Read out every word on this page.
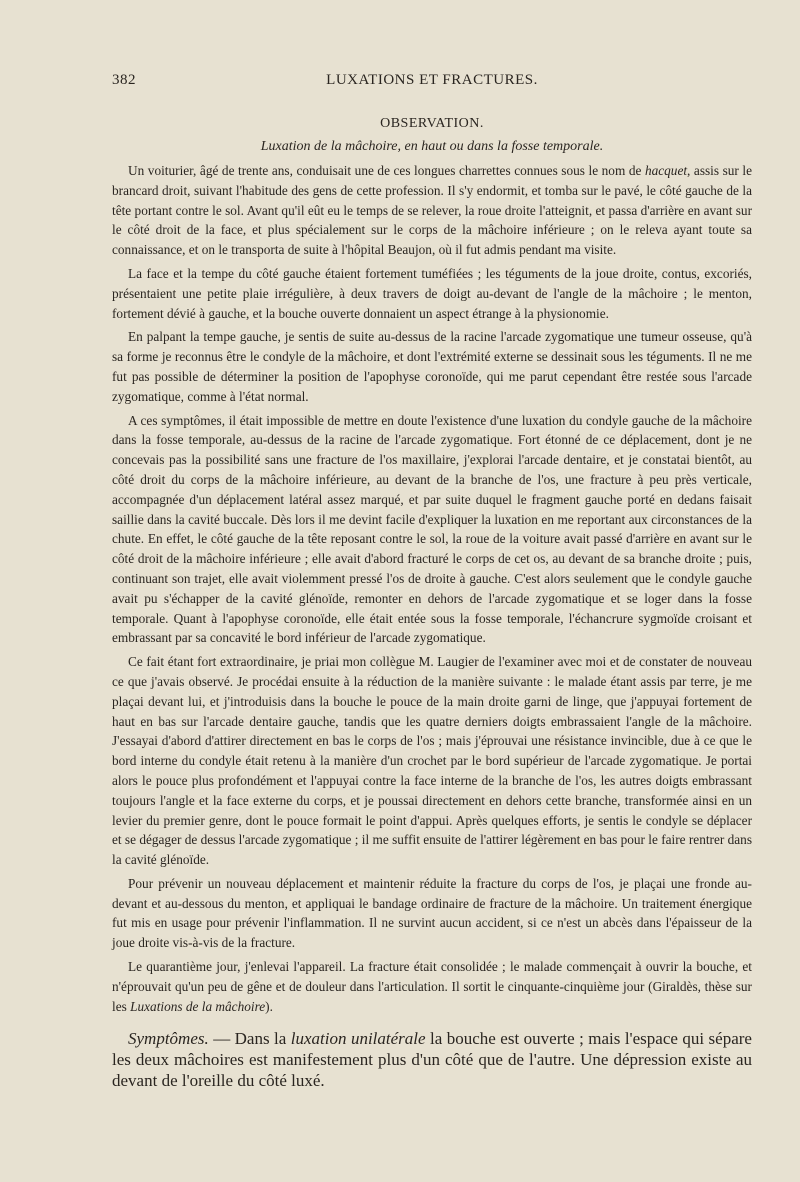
382	LUXATIONS ET FRACTURES.
OBSERVATION.
Luxation de la mâchoire, en haut ou dans la fosse temporale.

Un voiturier, âgé de trente ans, conduisait une de ces longues charrettes connues sous le nom de hacquet, assis sur le brancard droit, suivant l'habitude des gens de cette profession. Il s'y endormit, et tomba sur le pavé, le côté gauche de la tête portant contre le sol. Avant qu'il eût eu le temps de se relever, la roue droite l'atteignit, et passa d'arrière en avant sur le côté droit de la face, et plus spécialement sur le corps de la mâchoire inférieure ; on le releva ayant toute sa connaissance, et on le transporta de suite à l'hôpital Beaujon, où il fut admis pendant ma visite.

La face et la tempe du côté gauche étaient fortement tuméfiées ; les téguments de la joue droite, contus, excoriés, présentaient une petite plaie irrégulière, à deux travers de doigt au-devant de l'angle de la mâchoire ; le menton, fortement dévié à gauche, et la bouche ouverte donnaient un aspect étrange à la physionomie.

En palpant la tempe gauche, je sentis de suite au-dessus de la racine l'arcade zygomatique une tumeur osseuse, qu'à sa forme je reconnus être le condyle de la mâchoire, et dont l'extrémité externe se dessinait sous les téguments. Il ne me fut pas possible de déterminer la position de l'apophyse coronoïde, qui me parut cependant être restée sous l'arcade zygomatique, comme à l'état normal.

A ces symptômes, il était impossible de mettre en doute l'existence d'une luxation du condyle gauche de la mâchoire dans la fosse temporale, au-dessus de la racine de l'arcade zygomatique. Fort étonné de ce déplacement, dont je ne concevais pas la possibilité sans une fracture de l'os maxillaire, j'explorai l'arcade dentaire, et je constatai bientôt, au côté droit du corps de la mâchoire inférieure, au devant de la branche de l'os, une fracture à peu près verticale, accompagnée d'un déplacement latéral assez marqué, et par suite duquel le fragment gauche porté en dedans faisait saillie dans la cavité buccale. Dès lors il me devint facile d'expliquer la luxation en me reportant aux circonstances de la chute. En effet, le côté gauche de la tête reposant contre le sol, la roue de la voiture avait passé d'arrière en avant sur le côté droit de la mâchoire inférieure ; elle avait d'abord fracturé le corps de cet os, au devant de sa branche droite ; puis, continuant son trajet, elle avait violemment pressé l'os de droite à gauche. C'est alors seulement que le condyle gauche avait pu s'échapper de la cavité glénoïde, remonter en dehors de l'arcade zygomatique et se loger dans la fosse temporale. Quant à l'apophyse coronoïde, elle était entée sous la fosse temporale, l'échancrure sygmoïde croisant et embrassant par sa concavité le bord inférieur de l'arcade zygomatique.

Ce fait étant fort extraordinaire, je priai mon collègue M. Laugier de l'examiner avec moi et de constater de nouveau ce que j'avais observé. Je procédai ensuite à la réduction de la manière suivante : le malade étant assis par terre, je me plaçai devant lui, et j'introduisis dans la bouche le pouce de la main droite garni de linge, que j'appuyai fortement de haut en bas sur l'arcade dentaire gauche, tandis que les quatre derniers doigts embrassaient l'angle de la mâchoire. J'essayai d'abord d'attirer directement en bas le corps de l'os ; mais j'éprouvai une résistance invincible, due à ce que le bord interne du condyle était retenu à la manière d'un crochet par le bord supérieur de l'arcade zygomatique. Je portai alors le pouce plus profondément et l'appuyai contre la face interne de la branche de l'os, les autres doigts embrassant toujours l'angle et la face externe du corps, et je poussai directement en dehors cette branche, transformée ainsi en un levier du premier genre, dont le pouce formait le point d'appui. Après quelques efforts, je sentis le condyle se déplacer et se dégager de dessus l'arcade zygomatique ; il me suffit ensuite de l'attirer légèrement en bas pour le faire rentrer dans la cavité glénoïde.

Pour prévenir un nouveau déplacement et maintenir réduite la fracture du corps de l'os, je plaçai une fronde au-devant et au-dessous du menton, et appliquai le bandage ordinaire de fracture de la mâchoire. Un traitement énergique fut mis en usage pour prévenir l'inflammation. Il ne survint aucun accident, si ce n'est un abcès dans l'épaisseur de la joue droite vis-à-vis de la fracture.

Le quarantième jour, j'enlevai l'appareil. La fracture était consolidée ; le malade commençait à ouvrir la bouche, et n'éprouvait qu'un peu de gêne et de douleur dans l'articulation. Il sortit le cinquante-cinquième jour (Giraldès, thèse sur les Luxations de la mâchoire).

Symptômes. — Dans la luxation unilatérale la bouche est ouverte ; mais l'espace qui sépare les deux mâchoires est manifestement plus d'un côté que de l'autre. Une dépression existe au devant de l'oreille du côté luxé.
